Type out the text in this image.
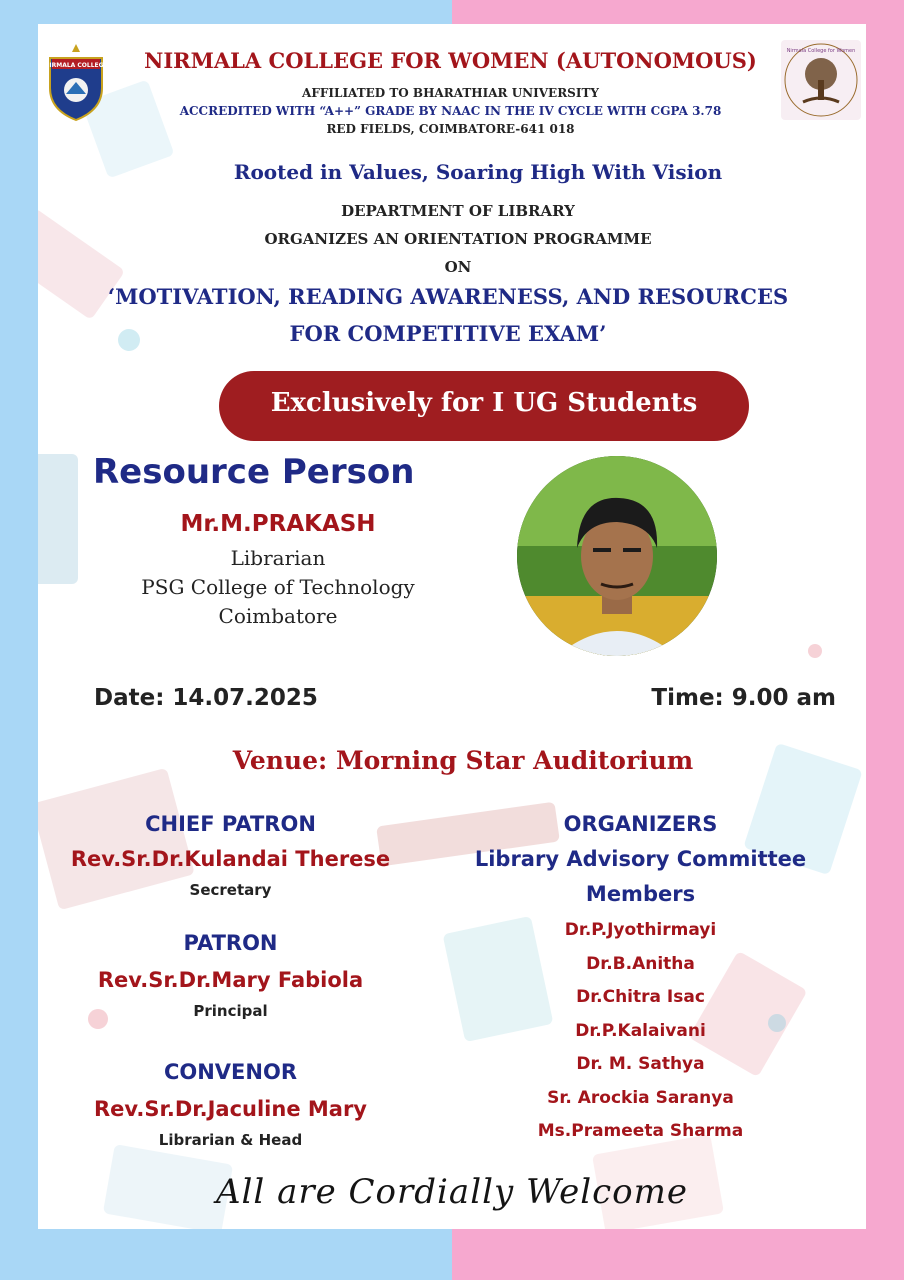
NIRMALA COLLEGE
Nirmala College for Women
NIRMALA COLLEGE FOR WOMEN (AUTONOMOUS)
AFFILIATED TO BHARATHIAR UNIVERSITY
ACCREDITED WITH “A++” GRADE BY NAAC IN THE IV CYCLE WITH CGPA 3.78
RED FIELDS, COIMBATORE-641 018
Rooted in Values, Soaring High With Vision
DEPARTMENT OF LIBRARY
ORGANIZES AN ORIENTATION PROGRAMME
ON
‘MOTIVATION, READING AWARENESS, AND RESOURCES
FOR COMPETITIVE EXAM’
Exclusively for I UG Students
Resource Person
Mr.M.PRAKASH
Librarian
PSG College of Technology
Coimbatore
Date: 14.07.2025	Time: 9.00 am
Venue: Morning Star Auditorium
CHIEF PATRON
Rev.Sr.Dr.Kulandai Therese
Secretary
PATRON
Rev.Sr.Dr.Mary Fabiola
Principal
CONVENOR
Rev.Sr.Dr.Jaculine Mary
Librarian & Head
ORGANIZERS
Library Advisory Committee
Members
Dr.P.Jyothirmayi
Dr.B.Anitha
Dr.Chitra Isac
Dr.P.Kalaivani
Dr. M. Sathya
Sr. Arockia Saranya
Ms.Prameeta Sharma
All are Cordially Welcome
